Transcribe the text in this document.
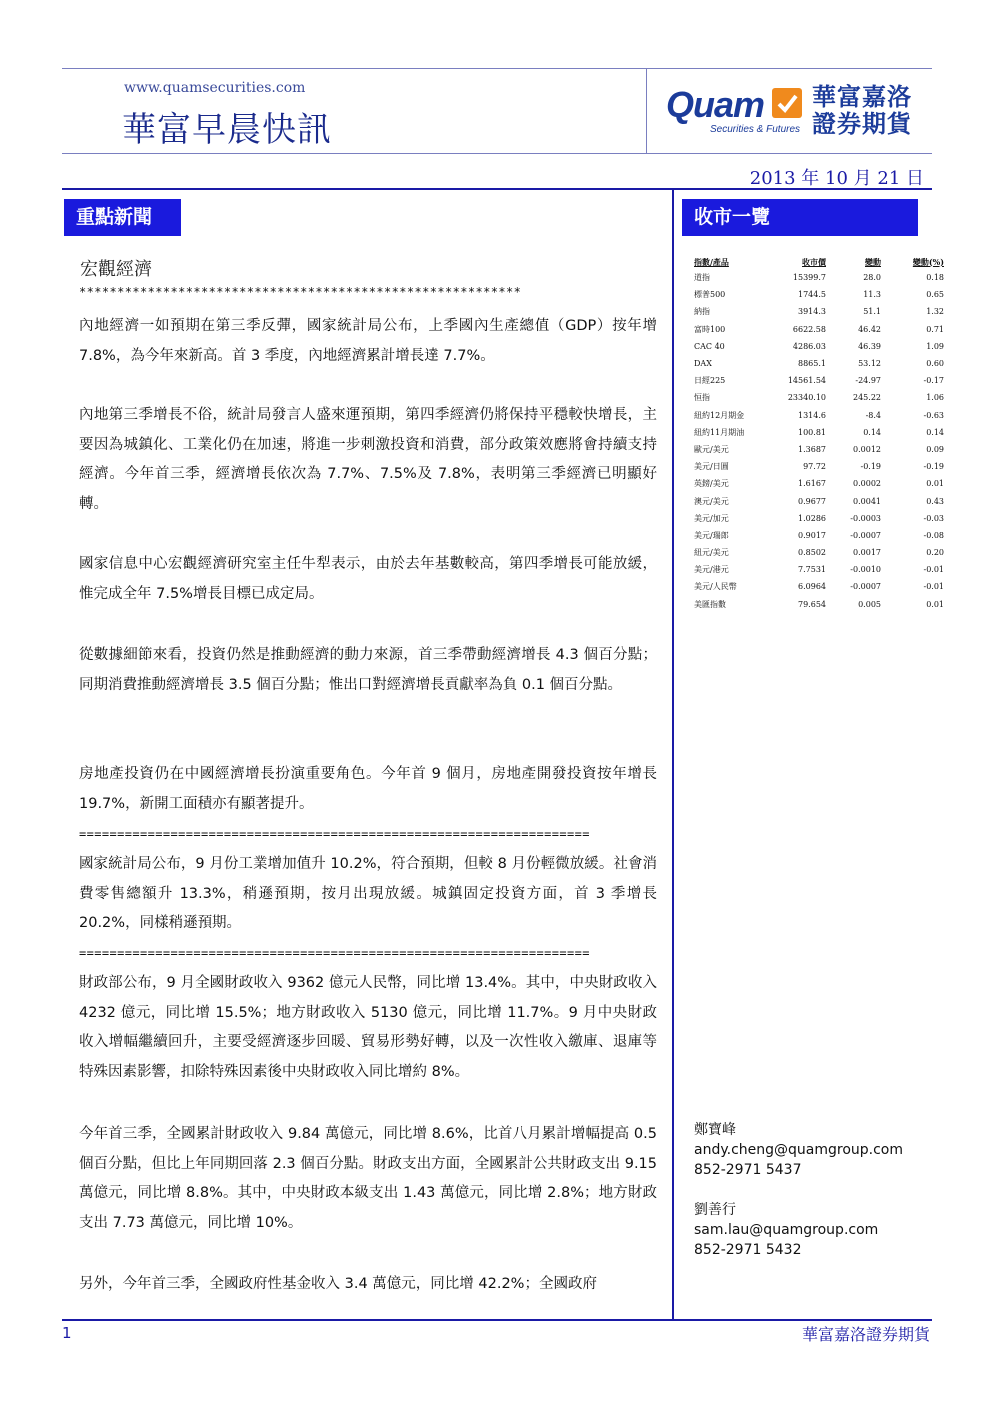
www.quamsecurities.com
華富早晨快訊
Quam
Securities & Futures
華富嘉洛
證券期貨
2013 年 10 月 21 日
重點新聞
宏觀經濟
**********************************************************
內地經濟一如預期在第三季反彈，國家統計局公布，上季國內生產總值（GDP）按年增 7.8%，為今年來新高。首 3 季度，內地經濟累計增長達 7.7%。
內地第三季增長不俗，統計局發言人盛來運預期，第四季經濟仍將保持平穩較快增長，主要因為城鎮化、工業化仍在加速，將進一步刺激投資和消費，部分政策效應將會持續支持經濟。今年首三季，經濟增長依次為 7.7%、7.5%及 7.8%，表明第三季經濟已明顯好轉。
國家信息中心宏觀經濟研究室主任牛犁表示，由於去年基數較高，第四季增長可能放緩，惟完成全年 7.5%增長目標已成定局。
從數據細節來看，投資仍然是推動經濟的動力來源，首三季帶動經濟增長 4.3 個百分點；同期消費推動經濟增長 3.5 個百分點；惟出口對經濟增長貢獻率為負 0.1 個百分點。
房地產投資仍在中國經濟增長扮演重要角色。今年首 9 個月，房地產開發投資按年增長 19.7%，新開工面積亦有顯著提升。
===================================================================
國家統計局公布，9 月份工業增加值升 10.2%，符合預期，但較 8 月份輕微放緩。社會消費零售總額升 13.3%，稍遜預期，按月出現放緩。城鎮固定投資方面，首 3 季增長 20.2%，同樣稍遜預期。
===================================================================
財政部公布，9 月全國財政收入 9362 億元人民幣，同比增 13.4%。其中，中央財政收入 4232 億元，同比增 15.5%；地方財政收入 5130 億元，同比增 11.7%。9 月中央財政收入增幅繼續回升，主要受經濟逐步回暖、貿易形勢好轉，以及一次性收入繳庫、退庫等特殊因素影響，扣除特殊因素後中央財政收入同比增約 8%。
今年首三季，全國累計財政收入 9.84 萬億元，同比增 8.6%，比首八月累計增幅提高 0.5 個百分點，但比上年同期回落 2.3 個百分點。財政支出方面，全國累計公共財政支出 9.15 萬億元，同比增 8.8%。其中，中央財政本級支出 1.43 萬億元，同比增 2.8%；地方財政支出 7.73 萬億元，同比增 10%。
另外，今年首三季，全國政府性基金收入 3.4 萬億元，同比增 42.2%；全國政府
收市一覽
指數/產品	收市價	變動	變動(%)
道指	15399.7	28.0	0.18
標普500	1744.5	11.3	0.65
納指	3914.3	51.1	1.32
富時100	6622.58	46.42	0.71
CAC 40	4286.03	46.39	1.09
DAX	8865.1	53.12	0.60
日經225	14561.54	-24.97	-0.17
恒指	23340.10	245.22	1.06
紐約12月期金	1314.6	-8.4	-0.63
紐約11月期油	100.81	0.14	0.14
歐元/美元	1.3687	0.0012	0.09
美元/日圓	97.72	-0.19	-0.19
英鎊/美元	1.6167	0.0002	0.01
澳元/美元	0.9677	0.0041	0.43
美元/加元	1.0286	-0.0003	-0.03
美元/瑞郎	0.9017	-0.0007	-0.08
紐元/美元	0.8502	0.0017	0.20
美元/港元	7.7531	-0.0010	-0.01
美元/人民幣	6.0964	-0.0007	-0.01
美匯指數	79.654	0.005	0.01
鄭寶峰
andy.cheng@quamgroup.com
852-2971 5437
劉善行
sam.lau@quamgroup.com
852-2971 5432
1	華富嘉洛證券期貨
